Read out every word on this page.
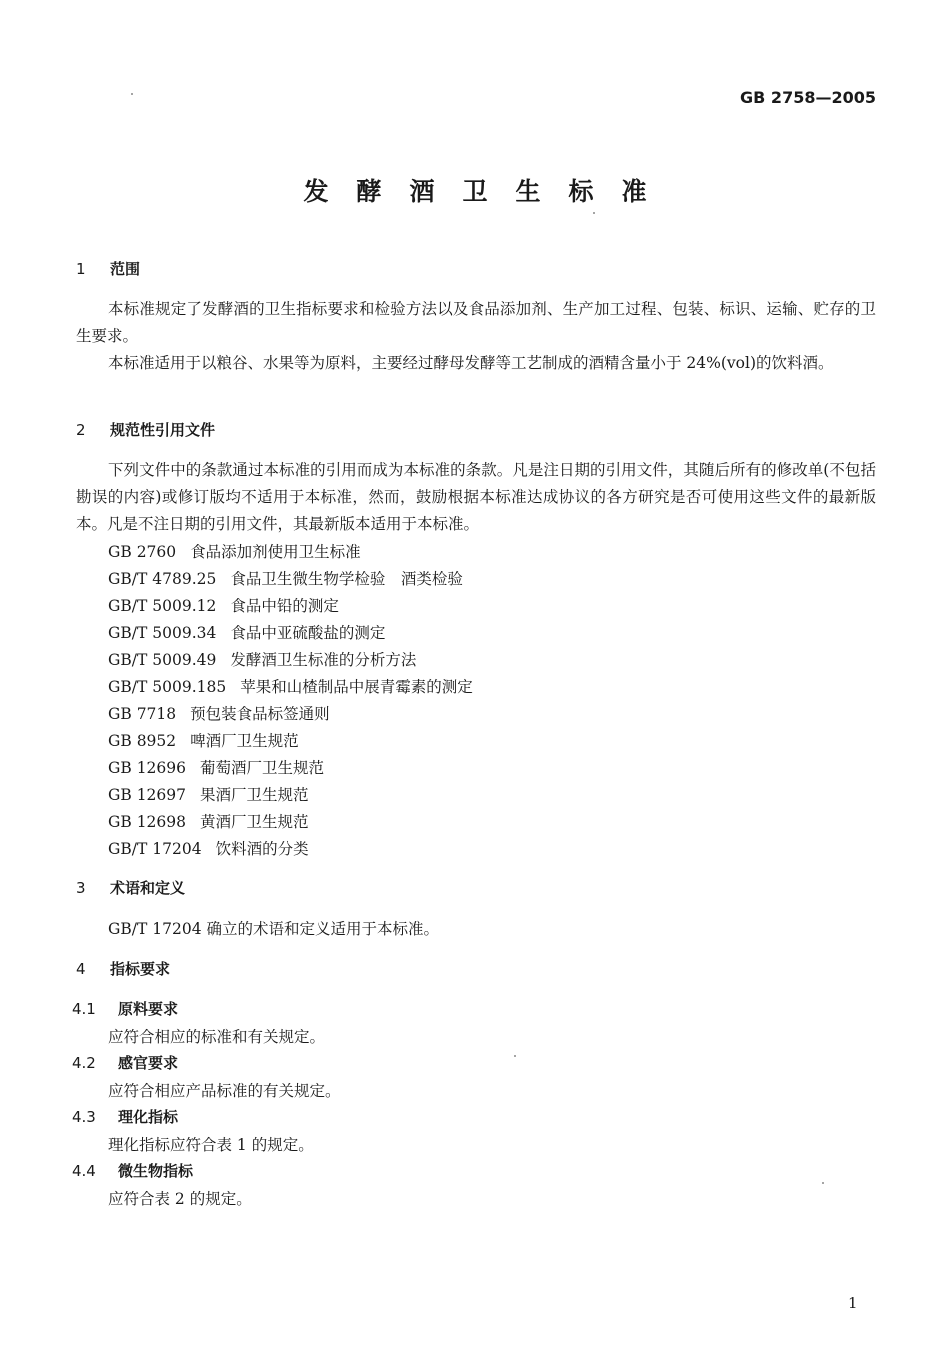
GB 2758—2005
发酵酒卫生标准
1 范围
本标准规定了发酵酒的卫生指标要求和检验方法以及食品添加剂、生产加工过程、包装、标识、运输、贮存的卫生要求。
本标准适用于以粮谷、水果等为原料，主要经过酵母发酵等工艺制成的酒精含量小于 24%(vol)的饮料酒。
2 规范性引用文件
下列文件中的条款通过本标准的引用而成为本标准的条款。凡是注日期的引用文件，其随后所有的修改单(不包括勘误的内容)或修订版均不适用于本标准，然而，鼓励根据本标准达成协议的各方研究是否可使用这些文件的最新版本。凡是不注日期的引用文件，其最新版本适用于本标准。
GB 2760 食品添加剂使用卫生标准
GB/T 4789.25 食品卫生微生物学检验　酒类检验
GB/T 5009.12 食品中铅的测定
GB/T 5009.34 食品中亚硫酸盐的测定
GB/T 5009.49 发酵酒卫生标准的分析方法
GB/T 5009.185 苹果和山楂制品中展青霉素的测定
GB 7718 预包装食品标签通则
GB 8952 啤酒厂卫生规范
GB 12696 葡萄酒厂卫生规范
GB 12697 果酒厂卫生规范
GB 12698 黄酒厂卫生规范
GB/T 17204 饮料酒的分类
3 术语和定义
GB/T 17204 确立的术语和定义适用于本标准。
4 指标要求
4.1 原料要求
应符合相应的标准和有关规定。
4.2 感官要求
应符合相应产品标准的有关规定。
4.3 理化指标
理化指标应符合表 1 的规定。
4.4 微生物指标
应符合表 2 的规定。
1
